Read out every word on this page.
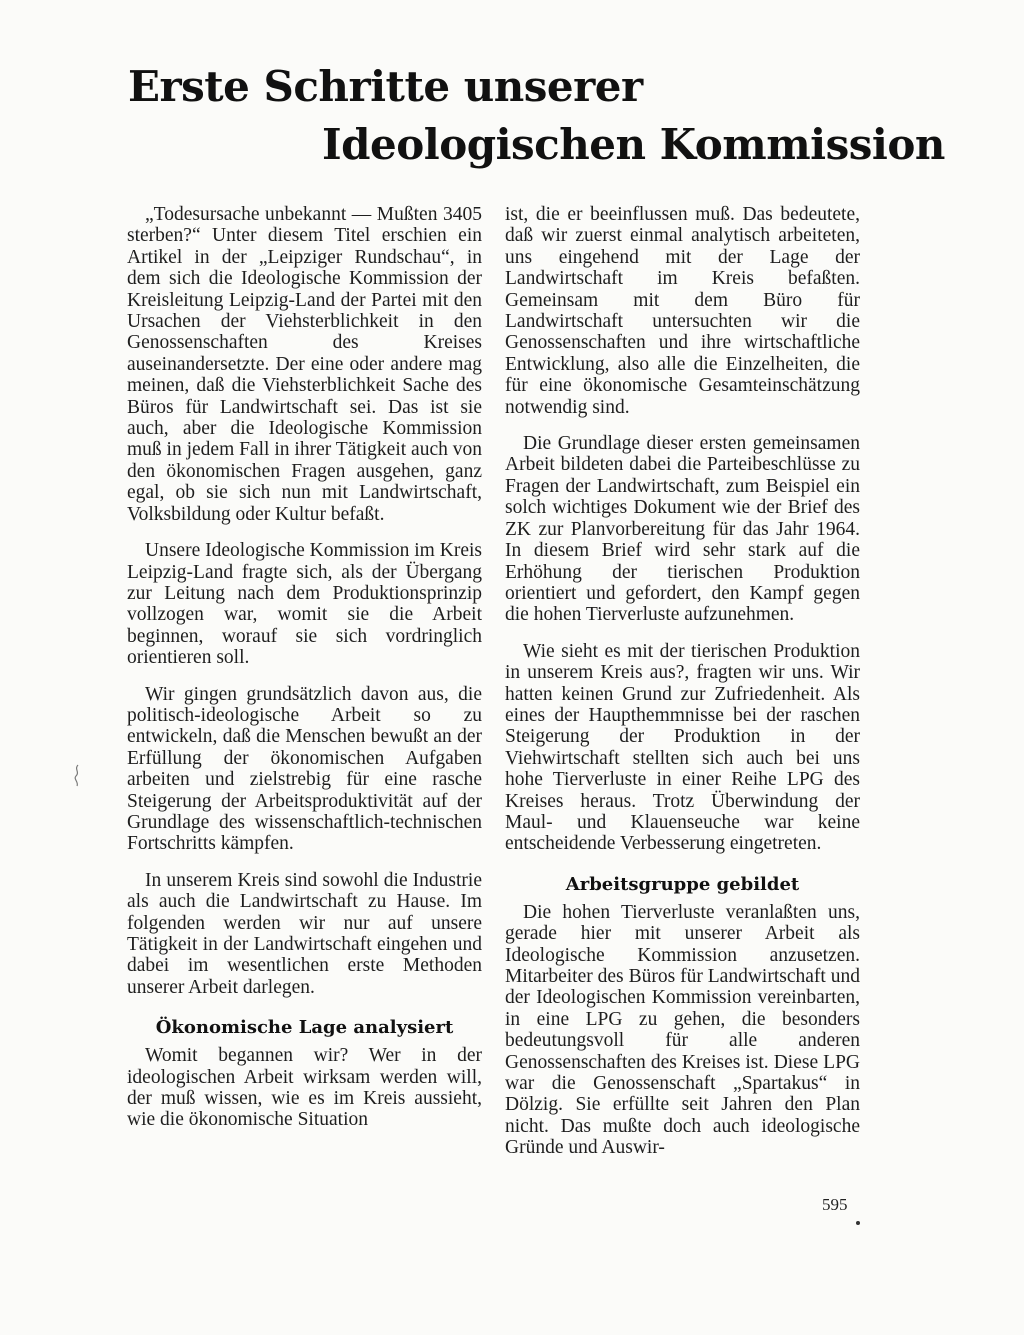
Erste Schritte unserer
Ideologischen Kommission

„Todesursache unbekannt — Mußten 3405 sterben?“ Unter diesem Titel erschien ein Artikel in der „Leipziger Rundschau“, in dem sich die Ideologische Kommission der Kreisleitung Leipzig-Land der Partei mit den Ursachen der Viehsterblichkeit in den Genossenschaften des Kreises auseinandersetzte. Der eine oder andere mag meinen, daß die Viehsterblichkeit Sache des Büros für Landwirtschaft sei. Das ist sie auch, aber die Ideologische Kommission muß in jedem Fall in ihrer Tätigkeit auch von den ökonomischen Fragen ausgehen, ganz egal, ob sie sich nun mit Landwirtschaft, Volksbildung oder Kultur befaßt.

Unsere Ideologische Kommission im Kreis Leipzig-Land fragte sich, als der Übergang zur Leitung nach dem Produktionsprinzip vollzogen war, womit sie die Arbeit beginnen, worauf sie sich vordringlich orientieren soll.

Wir gingen grundsätzlich davon aus, die politisch-ideologische Arbeit so zu entwickeln, daß die Menschen bewußt an der Erfüllung der ökonomischen Aufgaben arbeiten und zielstrebig für eine rasche Steigerung der Arbeitsproduktivität auf der Grundlage des wissenschaftlich-technischen Fortschritts kämpfen.

In unserem Kreis sind sowohl die Industrie als auch die Landwirtschaft zu Hause. Im folgenden werden wir nur auf unsere Tätigkeit in der Landwirtschaft eingehen und dabei im wesentlichen erste Methoden unserer Arbeit darlegen.

Ökonomische Lage analysiert

Womit begannen wir? Wer in der ideologischen Arbeit wirksam werden will, der muß wissen, wie es im Kreis aussieht, wie die ökonomische Situation

ist, die er beeinflussen muß. Das bedeutete, daß wir zuerst einmal analytisch arbeiteten, uns eingehend mit der Lage der Landwirtschaft im Kreis befaßten. Gemeinsam mit dem Büro für Landwirtschaft untersuchten wir die Genossenschaften und ihre wirtschaftliche Entwicklung, also alle die Einzelheiten, die für eine ökonomische Gesamteinschätzung notwendig sind.

Die Grundlage dieser ersten gemeinsamen Arbeit bildeten dabei die Parteibeschlüsse zu Fragen der Landwirtschaft, zum Beispiel ein solch wichtiges Dokument wie der Brief des ZK zur Planvorbereitung für das Jahr 1964. In diesem Brief wird sehr stark auf die Erhöhung der tierischen Produktion orientiert und gefordert, den Kampf gegen die hohen Tierverluste aufzunehmen.

Wie sieht es mit der tierischen Produktion in unserem Kreis aus?, fragten wir uns. Wir hatten keinen Grund zur Zufriedenheit. Als eines der Haupthemmnisse bei der raschen Steigerung der Produktion in der Viehwirtschaft stellten sich auch bei uns hohe Tierverluste in einer Reihe LPG des Kreises heraus. Trotz Überwindung der Maul- und Klauenseuche war keine entscheidende Verbesserung eingetreten.

Arbeitsgruppe gebildet

Die hohen Tierverluste veranlaßten uns, gerade hier mit unserer Arbeit als Ideologische Kommission anzusetzen. Mitarbeiter des Büros für Landwirtschaft und der Ideologischen Kommission vereinbarten, in eine LPG zu gehen, die besonders bedeutungsvoll für alle anderen Genossenschaften des Kreises ist. Diese LPG war die Genossenschaft „Spartakus“ in Dölzig. Sie erfüllte seit Jahren den Plan nicht. Das mußte doch auch ideologische Gründe und Auswir-

595
